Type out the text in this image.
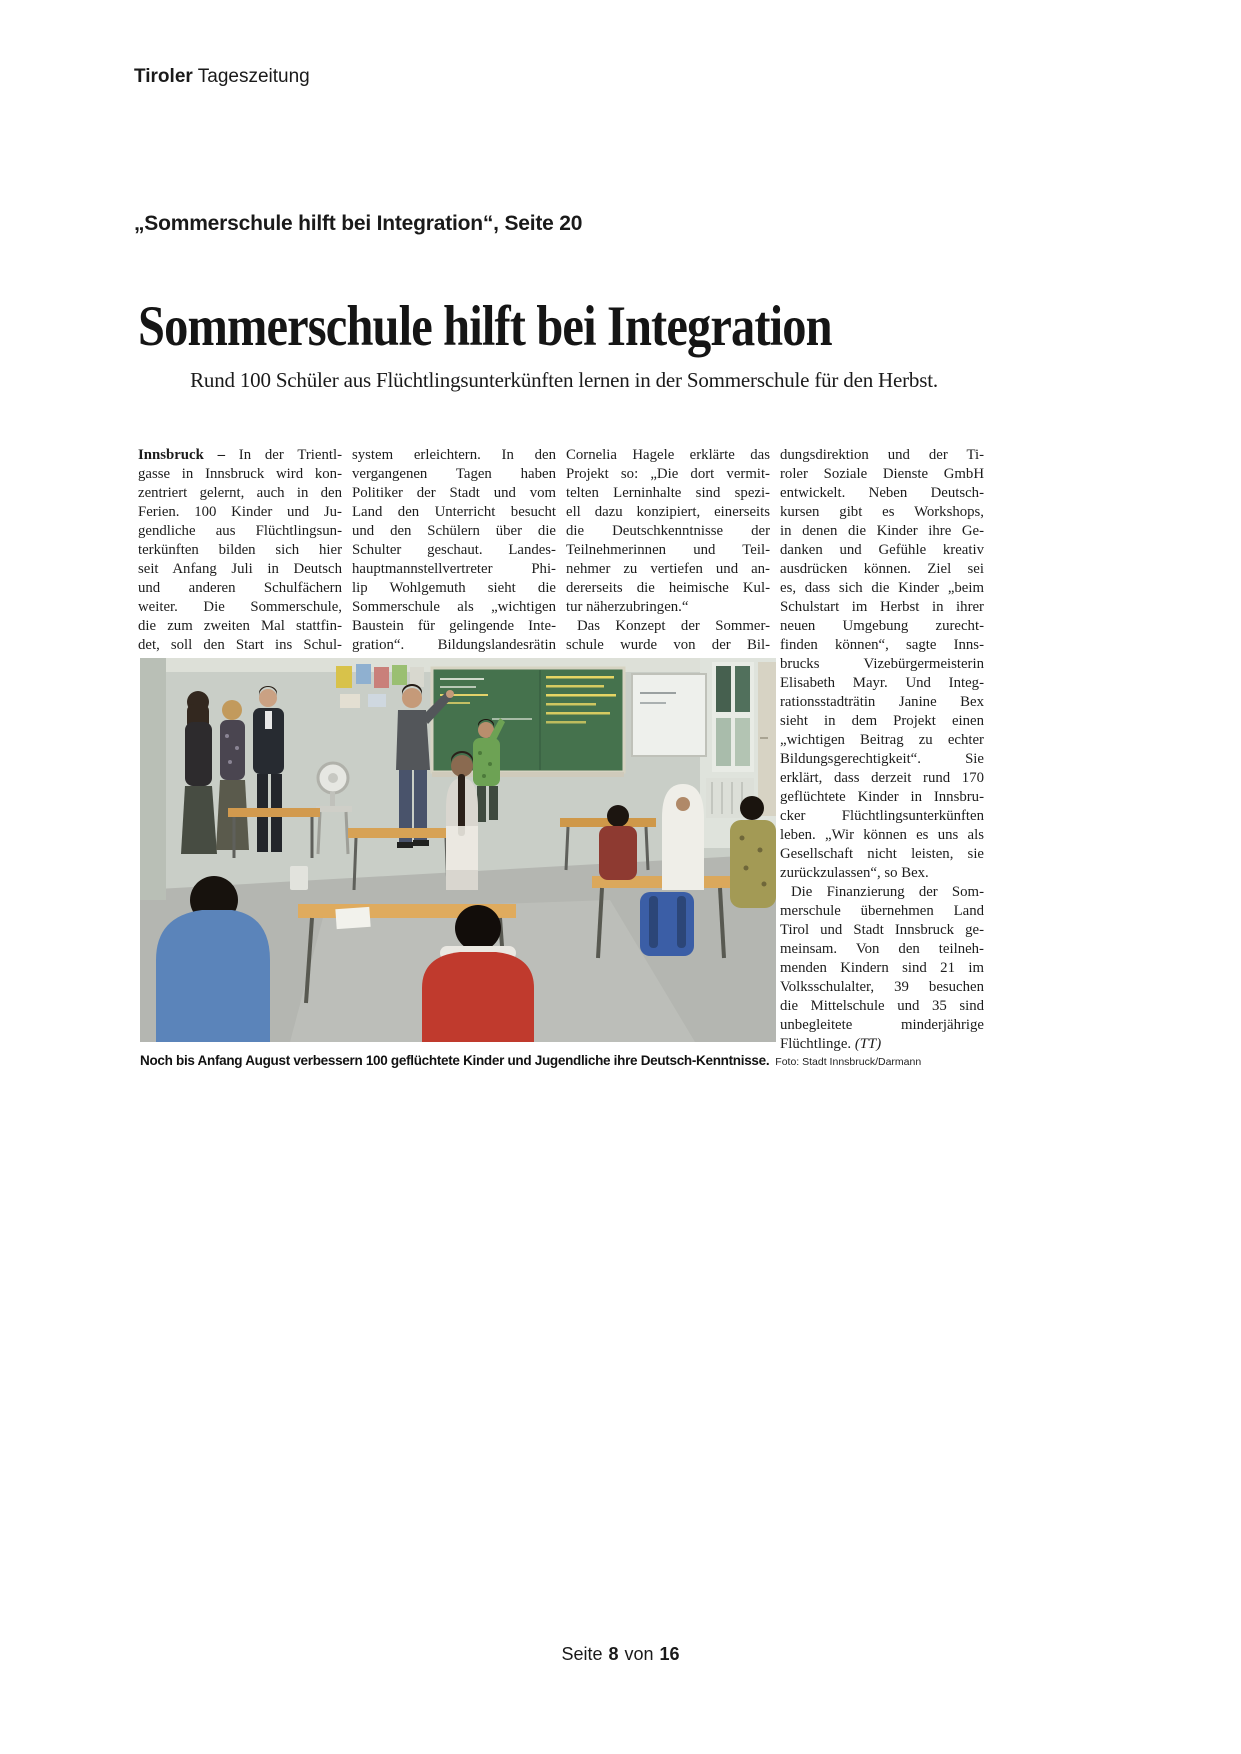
Tiroler Tageszeitung
„Sommerschule hilft bei Integration“, Seite 20
Sommerschule hilft bei Integration
Rund 100 Schüler aus Flüchtlingsunterkünften lernen in der Sommerschule für den Herbst.
Innsbruck – In der Trientl-
gasse in Innsbruck wird kon-
zentriert gelernt, auch in den
Ferien. 100 Kinder und Ju-
gendliche aus Flüchtlingsun-
terkünften bilden sich hier
seit Anfang Juli in Deutsch
und anderen Schulfächern
weiter. Die Sommerschule,
die zum zweiten Mal stattfin-
det, soll den Start ins Schul-
system erleichtern. In den
vergangenen Tagen haben
Politiker der Stadt und vom
Land den Unterricht besucht
und den Schülern über die
Schulter geschaut. Landes-
hauptmannstellvertreter Phi-
lip Wohlgemuth sieht die
Sommerschule als „wichtigen
Baustein für gelingende Inte-
gration“. Bildungslandesrätin
Cornelia Hagele erklärte das
Projekt so: „Die dort vermit-
telten Lerninhalte sind spezi-
ell dazu konzipiert, einerseits
die Deutschkenntnisse der
Teilnehmerinnen und Teil-
nehmer zu vertiefen und an-
dererseits die heimische Kul-
tur näherzubringen.“
Das Konzept der Sommer-
schule wurde von der Bil-
dungsdirektion und der Ti-
roler Soziale Dienste GmbH
entwickelt. Neben Deutsch-
kursen gibt es Workshops,
in denen die Kinder ihre Ge-
danken und Gefühle kreativ
ausdrücken können. Ziel sei
es, dass sich die Kinder „beim
Schulstart im Herbst in ihrer
neuen Umgebung zurecht-
finden können“, sagte Inns-
brucks Vizebürgermeisterin
Elisabeth Mayr. Und Integ-
rationsstadträtin Janine Bex
sieht in dem Projekt einen
„wichtigen Beitrag zu echter
Bildungsgerechtigkeit“. Sie
erklärt, dass derzeit rund 170
geflüchtete Kinder in Innsbru-
cker Flüchtlingsunterkünften
leben. „Wir können es uns als
Gesellschaft nicht leisten, sie
zurückzulassen“, so Bex.
Die Finanzierung der Som-
merschule übernehmen Land
Tirol und Stadt Innsbruck ge-
meinsam. Von den teilneh-
menden Kindern sind 21 im
Volksschulalter, 39 besuchen
die Mittelschule und 35 sind
unbegleitete minderjährige
Flüchtlinge. (TT)
Noch bis Anfang August verbessern 100 geflüchtete Kinder und Jugendliche ihre Deutsch-Kenntnisse. Foto: Stadt Innsbruck/Darmann
Seite 8 von 16
